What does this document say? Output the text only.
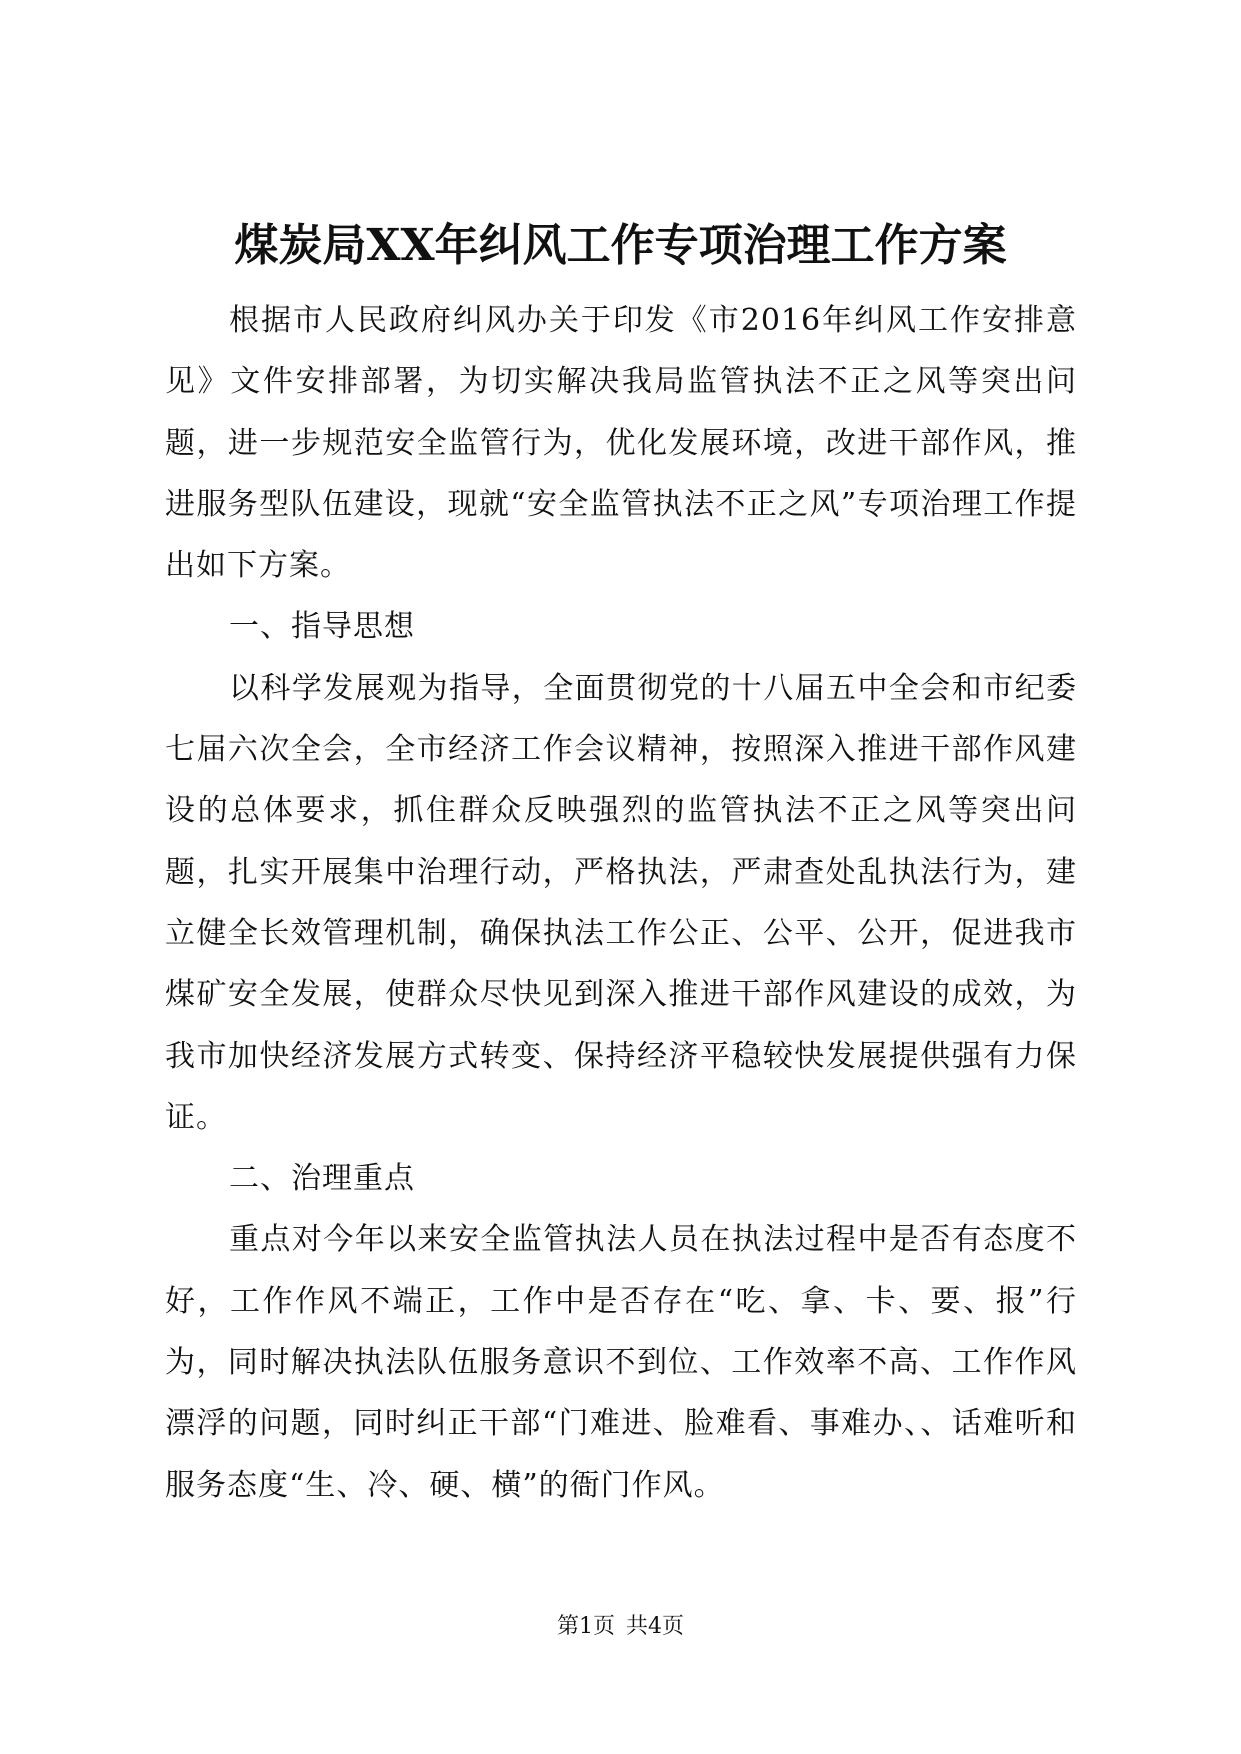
煤炭局XX年纠风工作专项治理工作方案

根据市人民政府纠风办关于印发《市2016年纠风工作安排意见》文件安排部署，为切实解决我局监管执法不正之风等突出问题，进一步规范安全监管行为，优化发展环境，改进干部作风，推进服务型队伍建设，现就“安全监管执法不正之风”专项治理工作提出如下方案。

一、指导思想

以科学发展观为指导，全面贯彻党的十八届五中全会和市纪委七届六次全会，全市经济工作会议精神，按照深入推进干部作风建设的总体要求，抓住群众反映强烈的监管执法不正之风等突出问题，扎实开展集中治理行动，严格执法，严肃查处乱执法行为，建立健全长效管理机制，确保执法工作公正、公平、公开，促进我市煤矿安全发展，使群众尽快见到深入推进干部作风建设的成效，为我市加快经济发展方式转变、保持经济平稳较快发展提供强有力保证。

二、治理重点

重点对今年以来安全监管执法人员在执法过程中是否有态度不好，工作作风不端正，工作中是否存在“吃、拿、卡、要、报”行为，同时解决执法队伍服务意识不到位、工作效率不高、工作作风漂浮的问题，同时纠正干部“门难进、脸难看、事难办、、话难听和服务态度“生、冷、硬、横”的衙门作风。

第1页 共4页
